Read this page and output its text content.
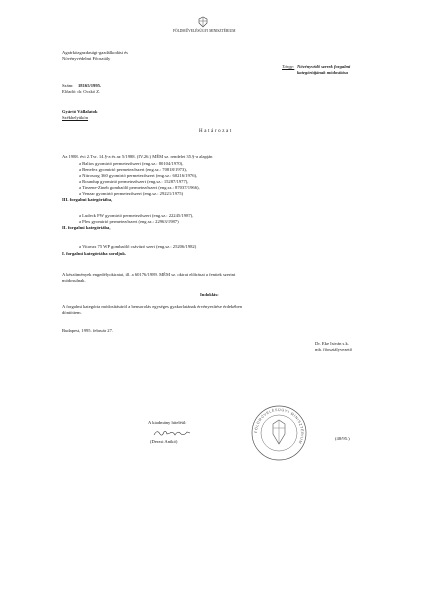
FÖLDMŰVELÉSÜGYI MINISZTÉRIUM
Agrárközgazdasági-gazdálkodási és
Növényvédelmi Főosztály
Tárgy: Növényvédő szerek forgalmi
kategóriájának módosítása
Szám: 18165/1995.
Előadó: dr. Ocskó Z.
Gyártó Vállalatok
Székhelyükön
Határozat
Az 1988. évi 2.Tvr. 14.§-a és az 5/1988. (IV.26.) MÉM sz. rendelet 35.§-a alapján
a Balios gyomirtó permetezőszert (eng.sz.: 80104/1970),
a Benefex gyomirtó permetezőszert (eng.sz.: 70818/1973),
a Nitrosorg 360 gyomirtó permetezőszert (eng.sz.: 60216/1976),
a Roundup gyomirtó permetezőszert (eng.sz.: 15287/1977),
a Tiezene-Zineb gombaölő permetezőszert (eng.sz.: 87037/1966),
a Venzar gyomirtó permetezőszert (eng.sz.: 29221/1975)
III. forgalmi kategóriába,
a Ludeck FW gyomirtó permetezőszert (eng.sz.: 22245/1987),
a Plex gyomirtó permetezőszert (eng.sz.: 22963/1987)
II. forgalmi kategóriába,
a Vitavax 75 WP gombaölő csávázó szert (eng.sz.: 25206/1982)
I. forgalmi kategóriába soroljuk.
A készítmények engedélyokiratai, ill. a 60176/1989. MÉM sz. okirat előírásai a fentiek szerint
módosulnak.
Indoklás:
A forgalmi kategória módosításáról a bensorolás egységes gyakorlatának érvényesítése érdekében
döntöttem.
Budapest, 1995. február 27.
Dr. Eke István s.k.
mb. főosztályvezető
FÖLDMŰVELÉSÜGYI MINISZTÉRIUM
A kiadmány hiteléül:
(Derzsi Anikó)
(48/95.)
